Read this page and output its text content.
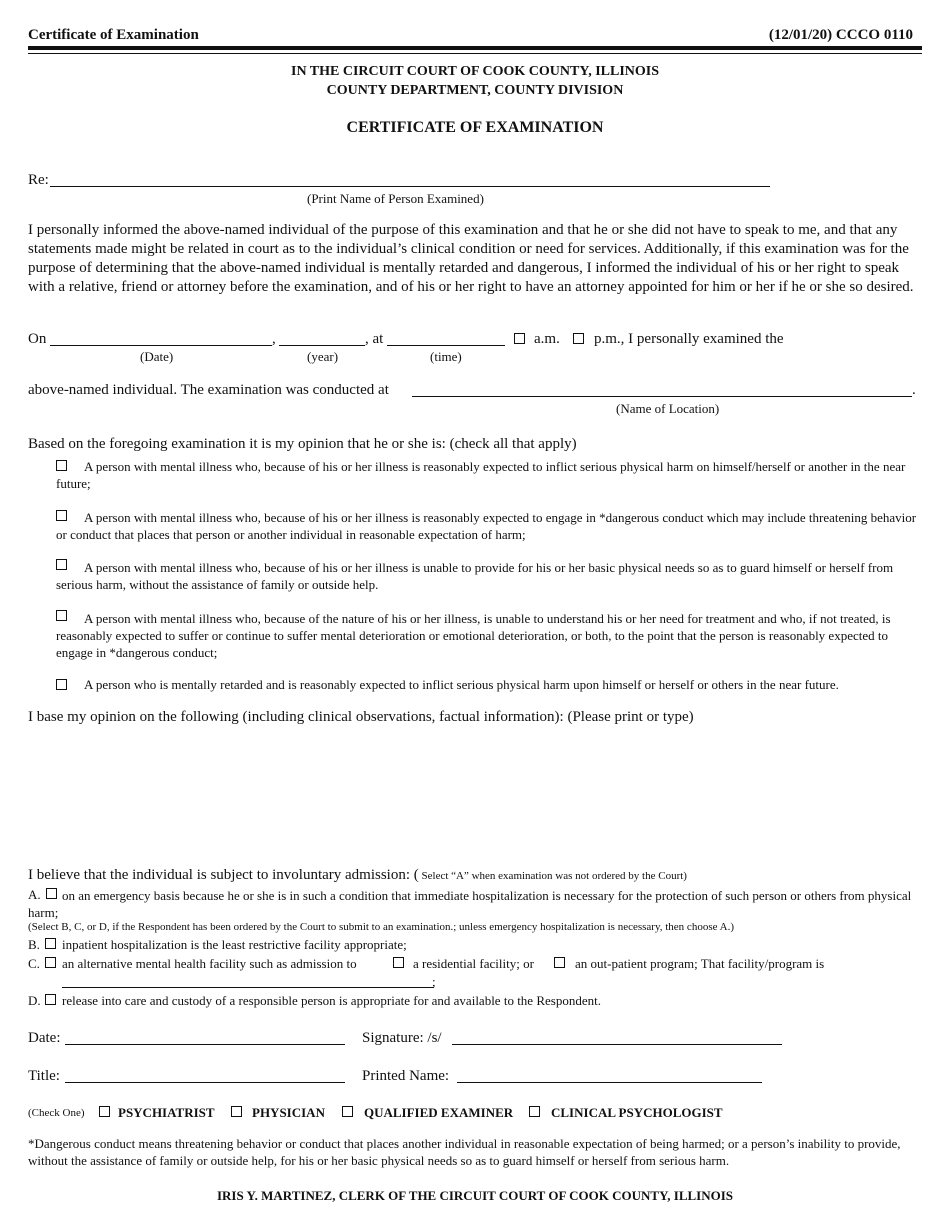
Certificate of Examination	(12/01/20) CCCO 0110
IN THE CIRCUIT COURT OF COOK COUNTY, ILLINOIS
COUNTY DEPARTMENT, COUNTY DIVISION
CERTIFICATE OF EXAMINATION
Re:
(Print Name of Person Examined)
I personally informed the above-named individual of the purpose of this examination and that he or she did not have to speak to me, and that any statements made might be related in court as to the individual’s clinical condition or need for services. Additionally, if this examination was for the purpose of determining that the above-named individual is mentally retarded and dangerous, I informed the individual of his or her right to speak with a relative, friend or attorney before the examination, and of his or her right to have an attorney appointed for him or her if he or she so desired.
On	,	, at	a.m. p.m., I personally examined the
(Date)	(year)	(time)
above-named individual. The examination was conducted at	.
(Name of Location)
Based on the foregoing examination it is my opinion that he or she is: (check all that apply)
A person with mental illness who, because of his or her illness is reasonably expected to inflict serious physical harm on himself/herself or another in the near future;
A person with mental illness who, because of his or her illness is reasonably expected to engage in *dangerous conduct which may include threatening behavior or conduct that places that person or another individual in reasonable expectation of harm;
A person with mental illness who, because of his or her illness is unable to provide for his or her basic physical needs so as to guard himself or herself from serious harm, without the assistance of family or outside help.
A person with mental illness who, because of the nature of his or her illness, is unable to understand his or her need for treatment and who, if not treated, is reasonably expected to suffer or continue to suffer mental deterioration or emotional deterioration, or both, to the point that the person is reasonably expected to engage in *dangerous conduct;
A person who is mentally retarded and is reasonably expected to inflict serious physical harm upon himself or herself or others in the near future.
I base my opinion on the following (including clinical observations, factual information): (Please print or type)
I believe that the individual is subject to involuntary admission: ( Select “A” when examination was not ordered by the Court)
A.	on an emergency basis because he or she is in such a condition that immediate hospitalization is necessary for the protection of such person or others from physical harm;
(Select B, C, or D, if the Respondent has been ordered by the Court to submit to an examination.; unless emergency hospitalization is necessary, then choose A.)
B. inpatient hospitalization is the least restrictive facility appropriate;
C. an alternative mental health facility such as admission to	a residential facility; or	an out-patient program; That facility/program is
;
D. release into care and custody of a responsible person is appropriate for and available to the Respondent.
Date:	Signature: /s/
Title:	Printed Name:
(Check One)	PSYCHIATRIST	PHYSICIAN	QUALIFIED EXAMINER	CLINICAL PSYCHOLOGIST
*Dangerous conduct means threatening behavior or conduct that places another individual in reasonable expectation of being harmed; or a person’s inability to provide, without the assistance of family or outside help, for his or her basic physical needs so as to guard himself or herself from serious harm.
IRIS Y. MARTINEZ, CLERK OF THE CIRCUIT COURT OF COOK COUNTY, ILLINOIS
